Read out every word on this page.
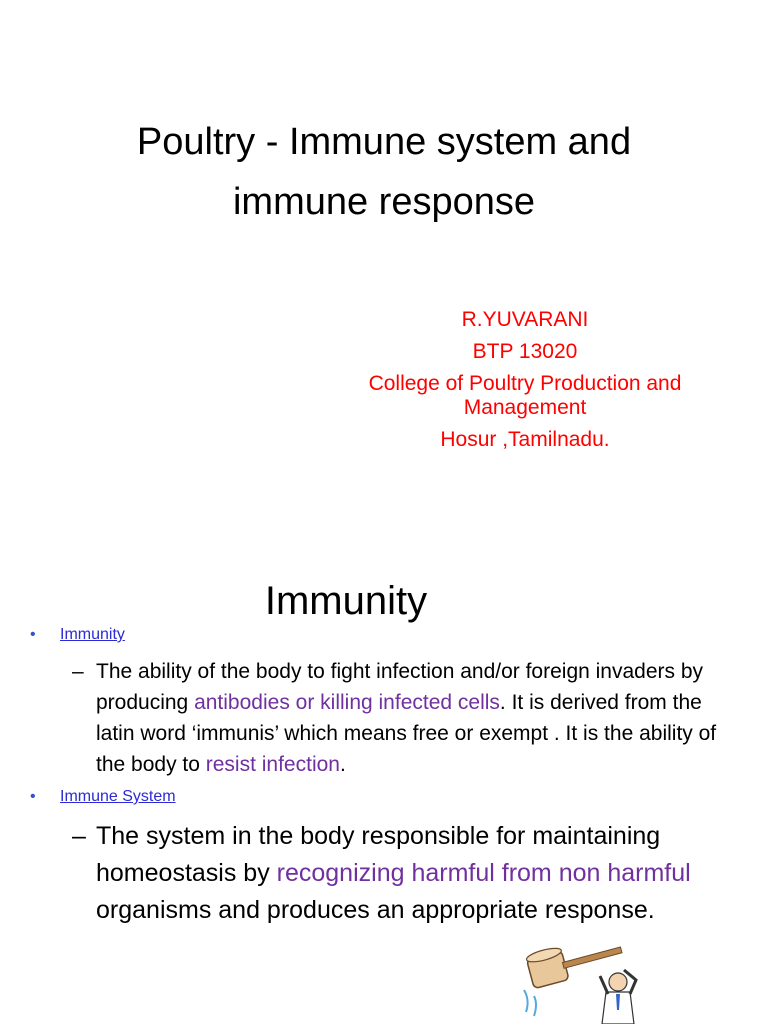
Poultry - Immune system and
immune response
R.YUVARANI
BTP 13020
College of Poultry Production and
Management
Hosur ,Tamilnadu.
Immunity
• Immunity
– The ability of the body to fight infection and/or foreign invaders by producing antibodies or killing infected cells. It is derived from the latin word ‘immunis’ which means free or exempt . It is the ability of the body to resist infection.
• Immune System
– The system in the body responsible for maintaining homeostasis by recognizing harmful from non harmful organisms and produces an appropriate response.
